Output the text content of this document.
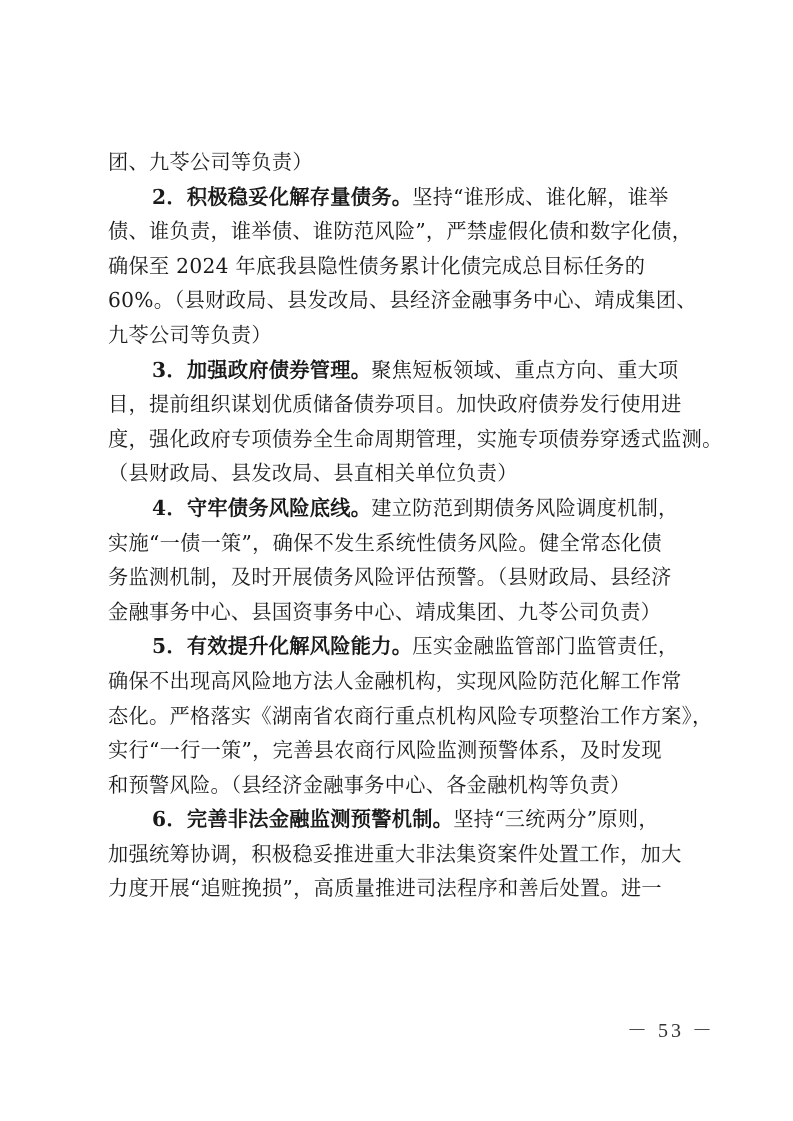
团、九苓公司等负责）
2．积极稳妥化解存量债务。坚持“谁形成、谁化解，谁举
债、谁负责，谁举债、谁防范风险”，严禁虚假化债和数字化债，
确保至 2024 年底我县隐性债务累计化债完成总目标任务的
60%。（县财政局、县发改局、县经济金融事务中心、靖成集团、
九苓公司等负责）
3．加强政府债券管理。聚焦短板领域、重点方向、重大项
目，提前组织谋划优质储备债券项目。加快政府债券发行使用进
度，强化政府专项债券全生命周期管理，实施专项债券穿透式监测。
（县财政局、县发改局、县直相关单位负责）
4．守牢债务风险底线。建立防范到期债务风险调度机制，
实施“一债一策”，确保不发生系统性债务风险。健全常态化债
务监测机制，及时开展债务风险评估预警。（县财政局、县经济
金融事务中心、县国资事务中心、靖成集团、九苓公司负责）
5．有效提升化解风险能力。压实金融监管部门监管责任，
确保不出现高风险地方法人金融机构，实现风险防范化解工作常
态化。严格落实《湖南省农商行重点机构风险专项整治工作方案》，
实行“一行一策”，完善县农商行风险监测预警体系，及时发现
和预警风险。（县经济金融事务中心、各金融机构等负责）
6．完善非法金融监测预警机制。坚持“三统两分”原则，
加强统筹协调，积极稳妥推进重大非法集资案件处置工作，加大
力度开展“追赃挽损”，高质量推进司法程序和善后处置。进一
－ 53 －
